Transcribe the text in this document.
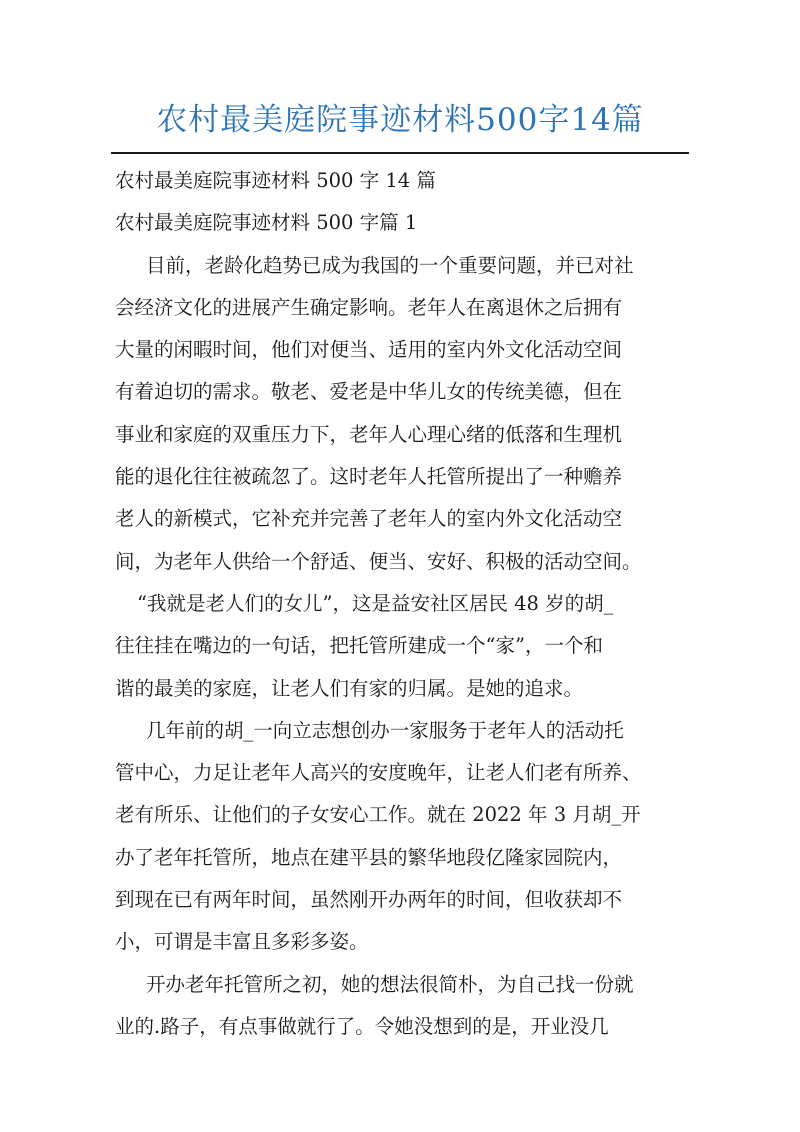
农村最美庭院事迹材料500字14篇
农村最美庭院事迹材料 500 字 14 篇
农村最美庭院事迹材料 500 字篇 1
目前，老龄化趋势已成为我国的一个重要问题，并已对社
会经济文化的进展产生确定影响。老年人在离退休之后拥有
大量的闲暇时间，他们对便当、适用的室内外文化活动空间
有着迫切的需求。敬老、爱老是中华儿女的传统美德，但在
事业和家庭的双重压力下，老年人心理心绪的低落和生理机
能的退化往往被疏忽了。这时老年人托管所提出了一种赡养
老人的新模式，它补充并完善了老年人的室内外文化活动空
间，为老年人供给一个舒适、便当、安好、积极的活动空间。
“我就是老人们的女儿”，这是益安社区居民 48 岁的胡_
往往挂在嘴边的一句话，把托管所建成一个“家”，一个和
谐的最美的家庭，让老人们有家的归属。是她的追求。
几年前的胡_一向立志想创办一家服务于老年人的活动托
管中心，力足让老年人高兴的安度晚年，让老人们老有所养、
老有所乐、让他们的子女安心工作。就在 2022 年 3 月胡_开
办了老年托管所，地点在建平县的繁华地段亿隆家园院内，
到现在已有两年时间，虽然刚开办两年的时间，但收获却不
小，可谓是丰富且多彩多姿。
开办老年托管所之初，她的想法很简朴，为自己找一份就
业的.路子，有点事做就行了。令她没想到的是，开业没几
